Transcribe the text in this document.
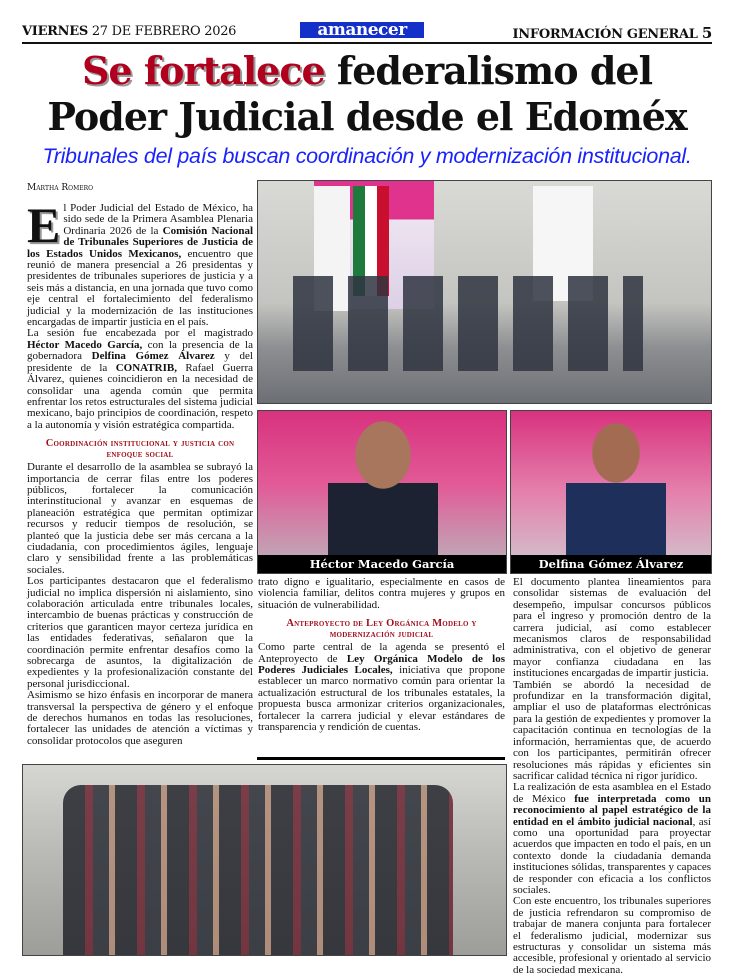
VIERNES 27 DE FEBRERO 2026	amanecer	INFORMACIÓN GENERAL 5
Se fortalece federalismo del
Poder Judicial desde el Edoméx
Tribunales del país buscan coordinación y modernización institucional.
Martha Romero

El Poder Judicial del Estado de México, ha sido sede de la Primera Asamblea Plenaria Ordinaria 2026 de la Comisión Nacional de Tribunales Superiores de Justicia de los Estados Unidos Mexicanos, encuentro que reunió de manera presencial a 26 presidentas y presidentes de tribunales superiores de justicia y a seis más a distancia, en una jornada que tuvo como eje central el fortalecimiento del federalismo judicial y la modernización de las instituciones encargadas de impartir justicia en el país.

La sesión fue encabezada por el magistrado Héctor Macedo García, con la presencia de la gobernadora Delfina Gómez Álvarez y del presidente de la CONATRIB, Rafael Guerra Álvarez, quienes coincidieron en la necesidad de consolidar una agenda común que permita enfrentar los retos estructurales del sistema judicial mexicano, bajo principios de coordinación, respeto a la autonomía y visión estratégica compartida.

Coordinación institucional y justicia con enfoque social

Durante el desarrollo de la asamblea se subrayó la importancia de cerrar filas entre los poderes públicos, fortalecer la comunicación interinstitucional y avanzar en esquemas de planeación estratégica que permitan optimizar recursos y reducir tiempos de resolución, se planteó que la justicia debe ser más cercana a la ciudadanía, con procedimientos ágiles, lenguaje claro y sensibilidad frente a las problemáticas sociales.

Los participantes destacaron que el federalismo judicial no implica dispersión ni aislamiento, sino colaboración articulada entre tribunales locales, intercambio de buenas prácticas y construcción de criterios que garanticen mayor certeza jurídica en las entidades federativas, señalaron que la coordinación permite enfrentar desafíos como la sobrecarga de asuntos, la digitalización de expedientes y la profesionalización constante del personal jurisdiccional.

Asimismo se hizo énfasis en incorporar de manera transversal la perspectiva de género y el enfoque de derechos humanos en todas las resoluciones, fortalecer las unidades de atención a víctimas y consolidar protocolos que aseguren

trato digno e igualitario, especialmente en casos de violencia familiar, delitos contra mujeres y grupos en situación de vulnerabilidad.

Anteproyecto de Ley Orgánica Modelo y modernización judicial

Como parte central de la agenda se presentó el Anteproyecto de Ley Orgánica Modelo de los Poderes Judiciales Locales, iniciativa que propone establecer un marco normativo común para orientar la actualización estructural de los tribunales estatales, la propuesta busca armonizar criterios organizacionales, fortalecer la carrera judicial y elevar estándares de transparencia y rendición de cuentas.

El documento plantea lineamientos para consolidar sistemas de evaluación del desempeño, impulsar concursos públicos para el ingreso y promoción dentro de la carrera judicial, así como establecer mecanismos claros de responsabilidad administrativa, con el objetivo de generar mayor confianza ciudadana en las instituciones encargadas de impartir justicia.

También se abordó la necesidad de profundizar en la transformación digital, ampliar el uso de plataformas electrónicas para la gestión de expedientes y promover la capacitación continua en tecnologías de la información, herramientas que, de acuerdo con los participantes, permitirán ofrecer resoluciones más rápidas y eficientes sin sacrificar calidad técnica ni rigor jurídico.

La realización de esta asamblea en el Estado de México fue interpretada como un reconocimiento al papel estratégico de la entidad en el ámbito judicial nacional, así como una oportunidad para proyectar acuerdos que impacten en todo el país, en un contexto donde la ciudadanía demanda instituciones sólidas, transparentes y capaces de responder con eficacia a los conflictos sociales.

Con este encuentro, los tribunales superiores de justicia refrendaron su compromiso de trabajar de manera conjunta para fortalecer el federalismo judicial, modernizar sus estructuras y consolidar un sistema más accesible, profesional y orientado al servicio de la sociedad mexicana.

Héctor Macedo García	Delfina Gómez Álvarez
